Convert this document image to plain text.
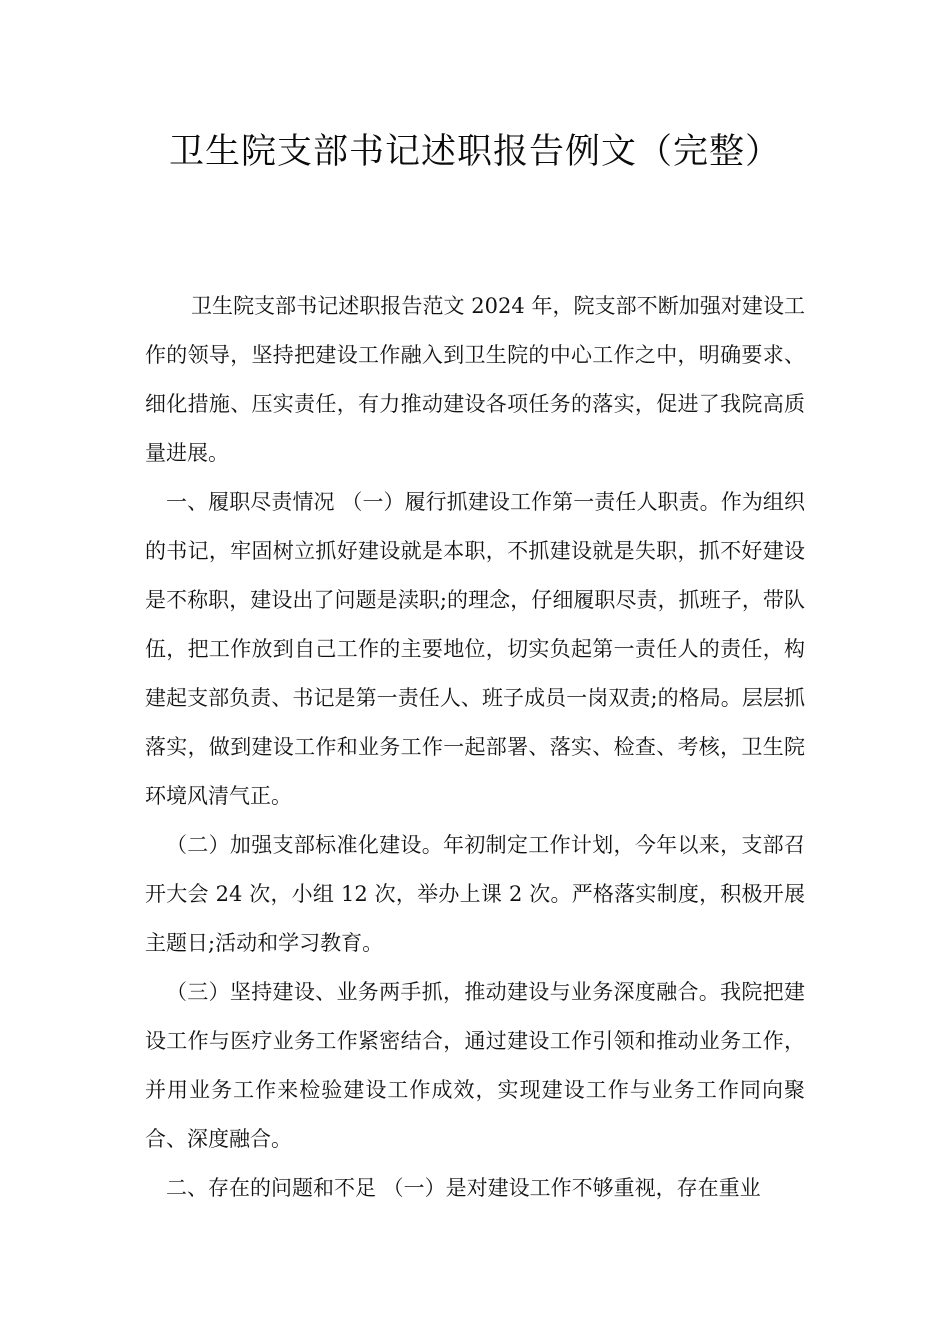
卫生院支部书记述职报告例文（完整）

卫生院支部书记述职报告范文 2024 年，院支部不断加强对建设工作的领导，坚持把建设工作融入到卫生院的中心工作之中，明确要求、细化措施、压实责任，有力推动建设各项任务的落实，促进了我院高质量进展。

一、履职尽责情况 （一）履行抓建设工作第一责任人职责。作为组织的书记，牢固树立抓好建设就是本职，不抓建设就是失职，抓不好建设是不称职，建设出了问题是渎职;的理念，仔细履职尽责，抓班子，带队伍，把工作放到自己工作的主要地位，切实负起第一责任人的责任，构建起支部负责、书记是第一责任人、班子成员一岗双责;的格局。层层抓落实，做到建设工作和业务工作一起部署、落实、检查、考核，卫生院环境风清气正。

（二）加强支部标准化建设。年初制定工作计划，今年以来，支部召开大会 24 次，小组 12 次，举办上课 2 次。严格落实制度，积极开展主题日;活动和学习教育。

（三）坚持建设、业务两手抓，推动建设与业务深度融合。我院把建设工作与医疗业务工作紧密结合，通过建设工作引领和推动业务工作，并用业务工作来检验建设工作成效，实现建设工作与业务工作同向聚合、深度融合。

二、存在的问题和不足 （一）是对建设工作不够重视，存在重业
